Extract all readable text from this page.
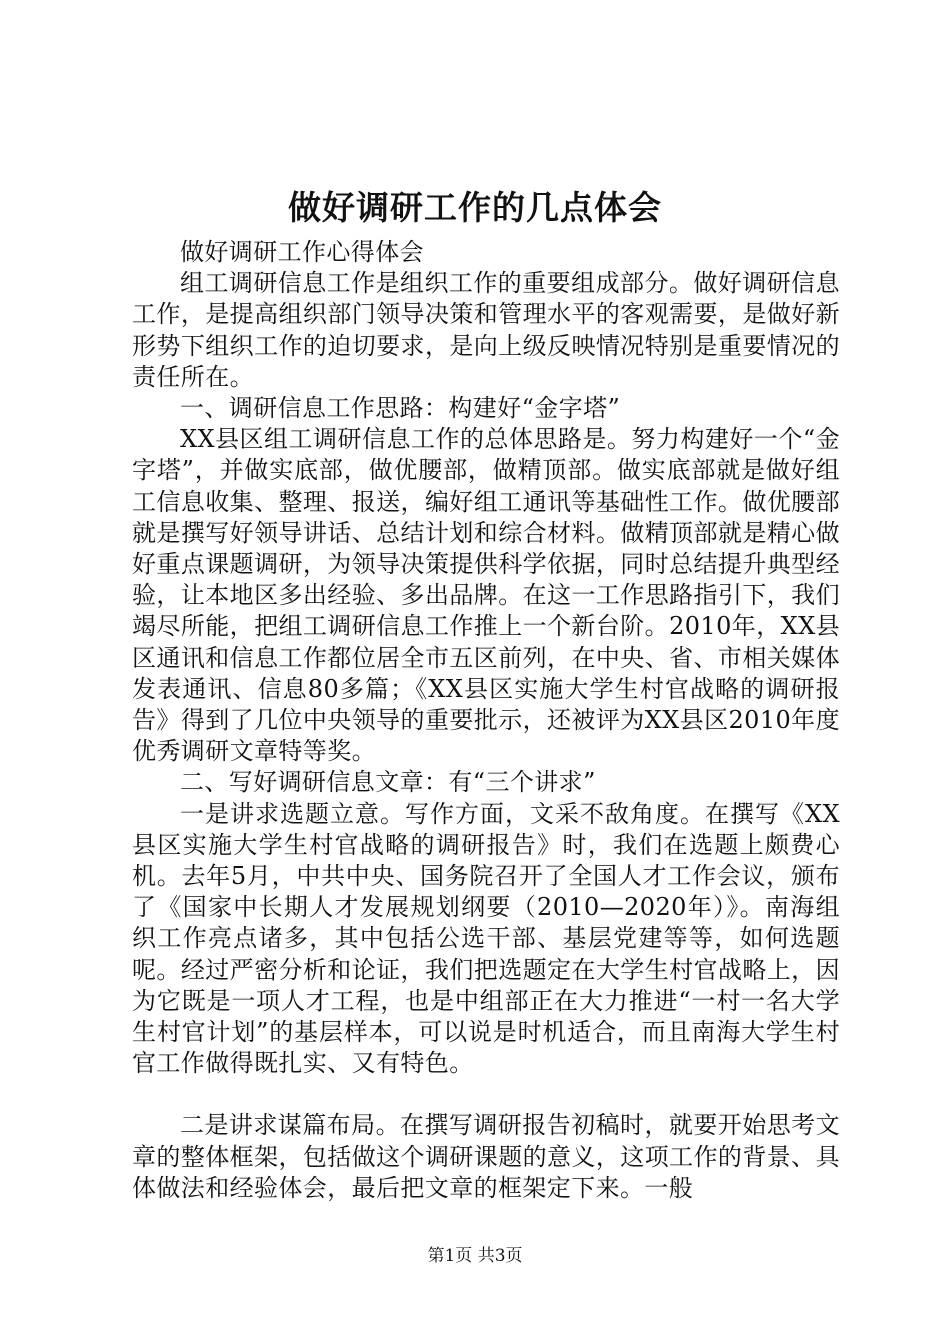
做好调研工作的几点体会

做好调研工作心得体会

组工调研信息工作是组织工作的重要组成部分。做好调研信息工作，是提高组织部门领导决策和管理水平的客观需要，是做好新形势下组织工作的迫切要求，是向上级反映情况特别是重要情况的责任所在。

一、调研信息工作思路：构建好“金字塔”

XX县区组工调研信息工作的总体思路是。努力构建好一个“金字塔”，并做实底部，做优腰部，做精顶部。做实底部就是做好组工信息收集、整理、报送，编好组工通讯等基础性工作。做优腰部就是撰写好领导讲话、总结计划和综合材料。做精顶部就是精心做好重点课题调研，为领导决策提供科学依据，同时总结提升典型经验，让本地区多出经验、多出品牌。在这一工作思路指引下，我们竭尽所能，把组工调研信息工作推上一个新台阶。2010年，XX县区通讯和信息工作都位居全市五区前列，在中央、省、市相关媒体发表通讯、信息80多篇；《XX县区实施大学生村官战略的调研报告》得到了几位中央领导的重要批示，还被评为XX县区2010年度优秀调研文章特等奖。

二、写好调研信息文章：有“三个讲求”

一是讲求选题立意。写作方面，文采不敌角度。在撰写《XX县区实施大学生村官战略的调研报告》时，我们在选题上颇费心机。去年5月，中共中央、国务院召开了全国人才工作会议，颁布了《国家中长期人才发展规划纲要（2010—2020年）》。南海组织工作亮点诸多，其中包括公选干部、基层党建等等，如何选题呢。经过严密分析和论证，我们把选题定在大学生村官战略上，因为它既是一项人才工程，也是中组部正在大力推进“一村一名大学生村官计划”的基层样本，可以说是时机适合，而且南海大学生村官工作做得既扎实、又有特色。

二是讲求谋篇布局。在撰写调研报告初稿时，就要开始思考文章的整体框架，包括做这个调研课题的意义，这项工作的背景、具体做法和经验体会，最后把文章的框架定下来。一般

第1页 共3页
